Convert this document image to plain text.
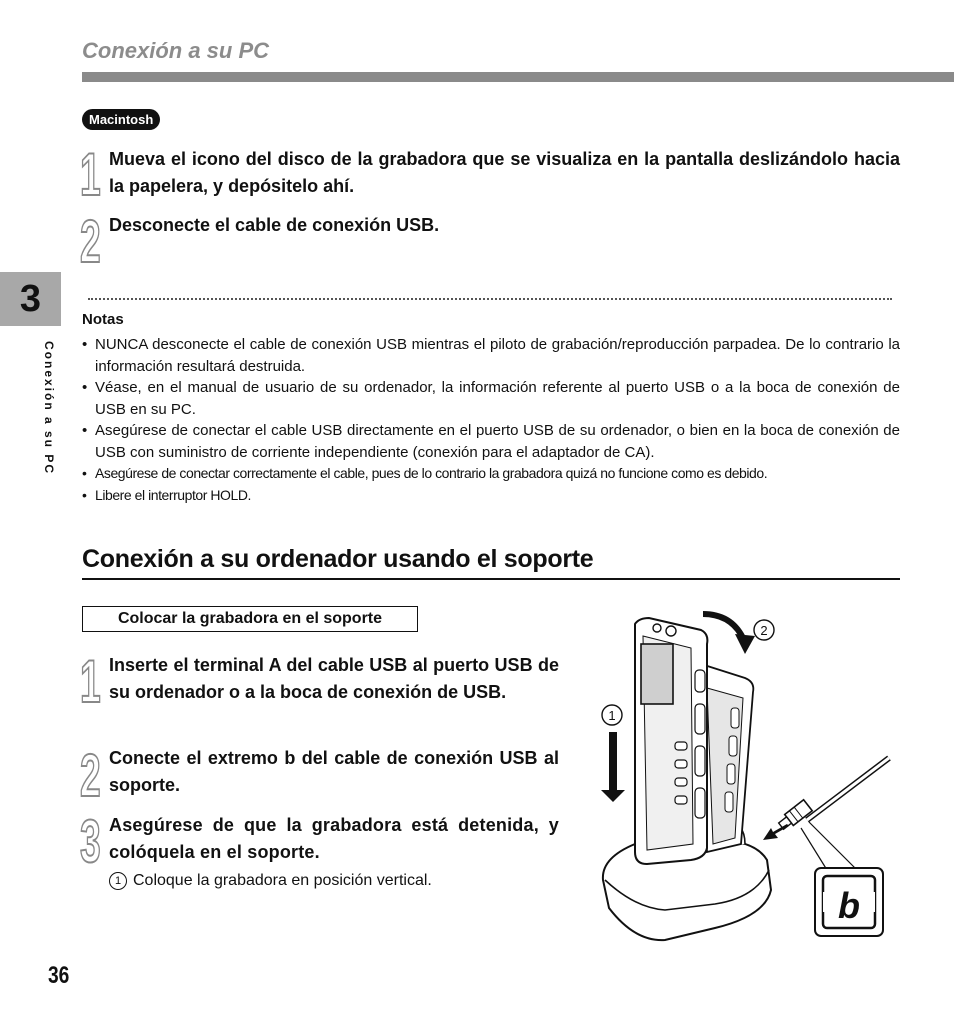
Conexión a su PC
Macintosh
1 Mueva el icono del disco de la grabadora que se visualiza en la pantalla deslizándolo hacia la papelera, y depósitelo ahí.
2 Desconecte el cable de conexión USB.
Notas
• NUNCA desconecte el cable de conexión USB mientras el piloto de grabación/reproducción parpadea. De lo contrario la información resultará destruida.
• Véase, en el manual de usuario de su ordenador, la información referente al puerto USB o a la boca de conexión de USB en su PC.
• Asegúrese de conectar el cable USB directamente en el puerto USB de su ordenador, o bien en la boca de conexión de USB con suministro de corriente independiente (conexión para el adaptador de CA).
• Asegúrese de conectar correctamente el cable, pues de lo contrario la grabadora quizá no funcione como es debido.
• Libere el interruptor HOLD.
3
Conexión a su PC
Conexión a su ordenador usando el soporte
Colocar la grabadora en el soporte
1 Inserte el terminal A del cable USB al puerto USB de su ordenador o a la boca de conexión de USB.
2 Conecte el extremo b del cable de conexión USB al soporte.
3 Asegúrese de que la grabadora está detenida, y colóquela en el soporte.
1 Coloque la grabadora en posición vertical.
1
2
b
36
